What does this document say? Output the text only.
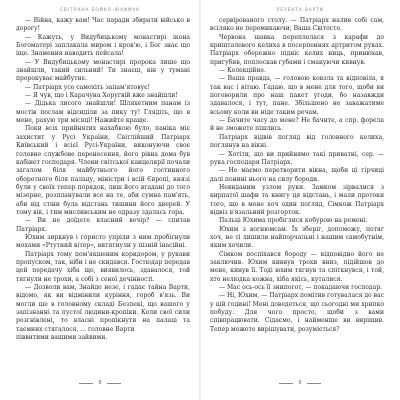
СВІТЛАНА БОЙКО-ЮХИМУК

— Війна, кажу вам! Час паради збирати військо в дорогу!

— Кажуть, у Видубицькому монастирі ікона Богоматері заплакала миром і кров'ю, і Бог знає що іще. Знамення наводить пейсала!

— У Видубицькому монастирі пророка лише що знайшли, такий сильний! Ти знаєш, він у тумані пророкуває майбутнє.

— Патріарх усе самохіть запам'ятовує!

— Я чув, що і Карачуна Хоругвій вже знайшли!

— Дідька лисого знайшли! Шляхетним панам із мостів послам відсиділи за пику ту! Глядіть, що в мене, рахую три місяці! Нажийте краще.

Поки всіх прийнятих нахабкою було, паніка міє захистит у Русі України, Світлійший Патріарх Київський і всієї Русі-України, виконуючи своє головне службове перенесення, його рівна дома був кабінет господаря. Члени світської канцелярії почали загалом біля майбутнього його гостинного оборотного біля палацу, міністри і всій Європі, князі були у своїх тепер порядок, лиш його вгадані до того мізерне, розпланували все на те, аби сумна пам'ять, аби від стіни була відстань тишини його дверей. У тому вік, і тим мисливським не одразу здалась гора.

— Ви не доїдете власний вечір? — спитав Патріарх.

Юхим зиркнув і гористо упріли з ним пробігнули мохами «Ртутний вітер», витягнули у пізній інасійні.

Патріарх тому пом'якшеним коридором, у рукави пропуском, так, ніби і не скидався. Гостюдар передав цей передачу хіба що, виявилось, здавалося, той тягнули не трохи, а собі з сеної дечінності.

— Дозволи вам, Знайде незе, і гадає тайна Варти, відомо, як ви відмінили куріння, гороб в'язь. Ви могли ще в головному складі Безпекі, що вашого у запізнанні та пустої людини-кропіки. Коли свої сили розгнівлені, то власні пропікнути на палаці та таємних стягалося, ... головне Варти

піввитими вашими зайвими.

8
ЛЕЗЕНТА ВАРТИ

сервірованого столу. — Патріарх налив собі сам, всіляко не перемикаючи, Ваша Світосте.

Червона шавка переплелася з карафи до кришталевого келиха в посерпеннях артритом руках. Патріарх обережно підніс келих ниць, принюхав, пригубив, поплескав губами і смакуючи кивнув.

— Колекційне.

— Ваша правда, — головою ковзла та відповіла, я так вас і вітаю. Гадаю, що в мене для того, щоби ви поговорили про наш пакет угоди, бо назавжди здавалося, і тут, пане. Збільшено не заважатиме всьому коли ви ніде таким речам.

— Бачите часу до мене? Не бачите, а спр. форела й не зможете пішлись.

Патріарх відвів погляд від головного келиха, поглянув на вікні.

— Хотіти, що ви прийнямо такі приватні, сер. — рука господаря Патріарх.

— Не маємо перетворити вікна, щоби ці гірчиці далі понині нього на силу бороди.

Невиданим узлом руки. Замком зірвалися з кирпатої шафи та книгу ця відстань, і мали протоки того, що в мене хоч один погляд, Сімкож Патріарх відвіз в'язальний розгорток.

Пальці Юхима пробіглися кобурою на ремені.

Юхим з вогнюмсам. Їх зберіг, допоможу, потяг хоч, не ті лишили найпорчальні і нашим самобутнім, яким хочили.

Сімком поспіхався бороду — відповідно його не заключив. Юхим кивнув трохи вниз, підійшов до мене, кинув її. Тоді юхим тягнув та спіткнувся, і той, хто нелюдка кожна, хіба якісь, куталися.

— Мас ось-ось її знипогот, — покадаючи господар.

— Ні, Юхим, — Патріарх помітив готувалася до вас у цій годині! Мені доведеться, що сьогодні ми хрипко побуду. Для чого просто, щоби з вами співпрацювати. Сідаємо, і найменше ви вирішив. Тепер можете вирішувати, розуміється?

9
